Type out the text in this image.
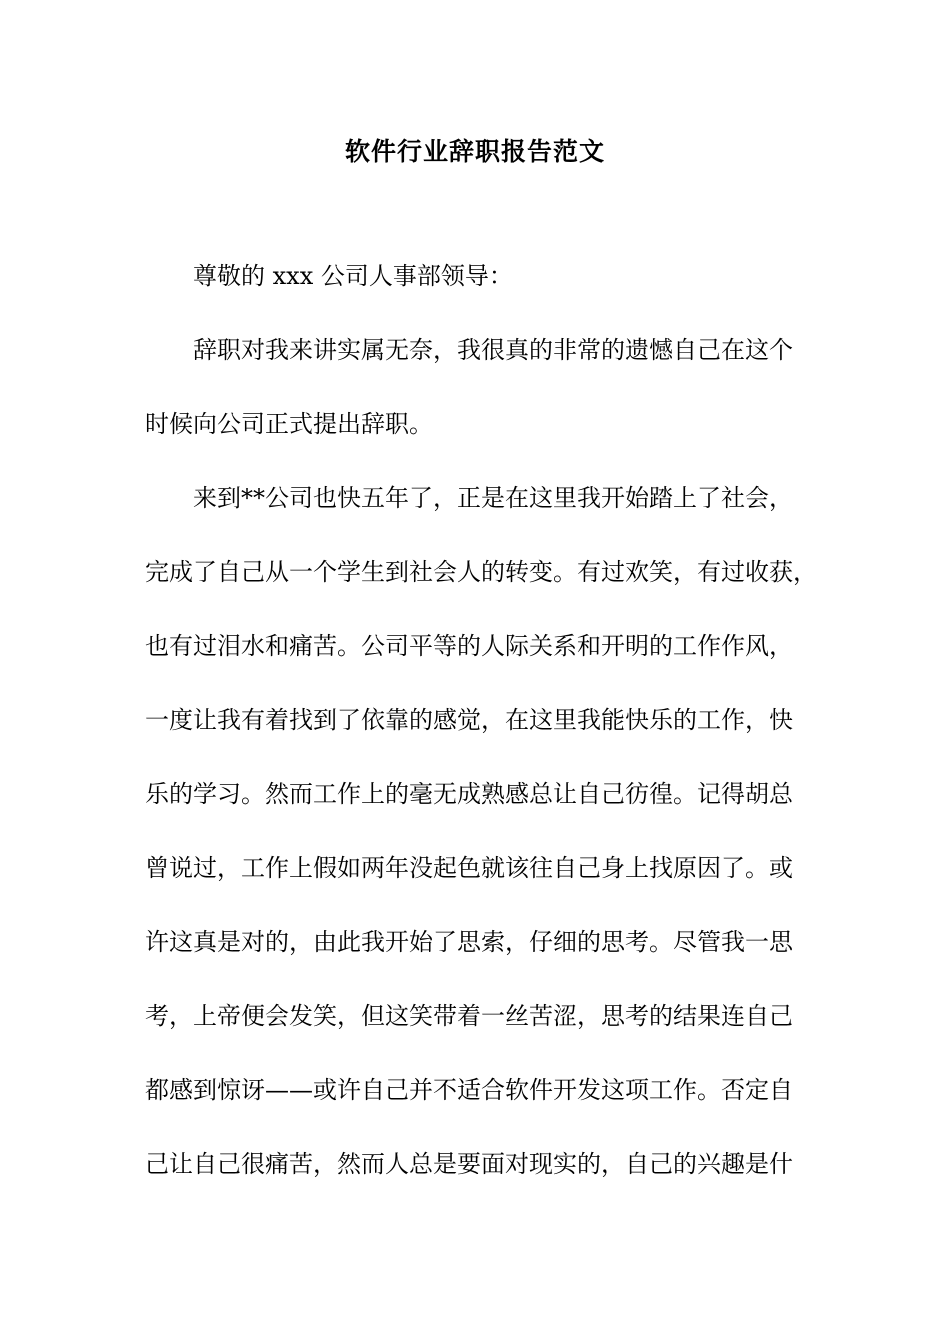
软件行业辞职报告范文
尊敬的 xxx 公司人事部领导：
辞职对我来讲实属无奈，我很真的非常的遗憾自己在这个
时候向公司正式提出辞职。
来到**公司也快五年了，正是在这里我开始踏上了社会，
完成了自己从一个学生到社会人的转变。有过欢笑，有过收获，
也有过泪水和痛苦。公司平等的人际关系和开明的工作作风，
一度让我有着找到了依靠的感觉，在这里我能快乐的工作，快
乐的学习。然而工作上的毫无成熟感总让自己彷徨。记得胡总
曾说过，工作上假如两年没起色就该往自己身上找原因了。或
许这真是对的，由此我开始了思索，仔细的思考。尽管我一思
考，上帝便会发笑，但这笑带着一丝苦涩，思考的结果连自己
都感到惊讶——或许自己并不适合软件开发这项工作。否定自
己让自己很痛苦，然而人总是要面对现实的，自己的兴趣是什
